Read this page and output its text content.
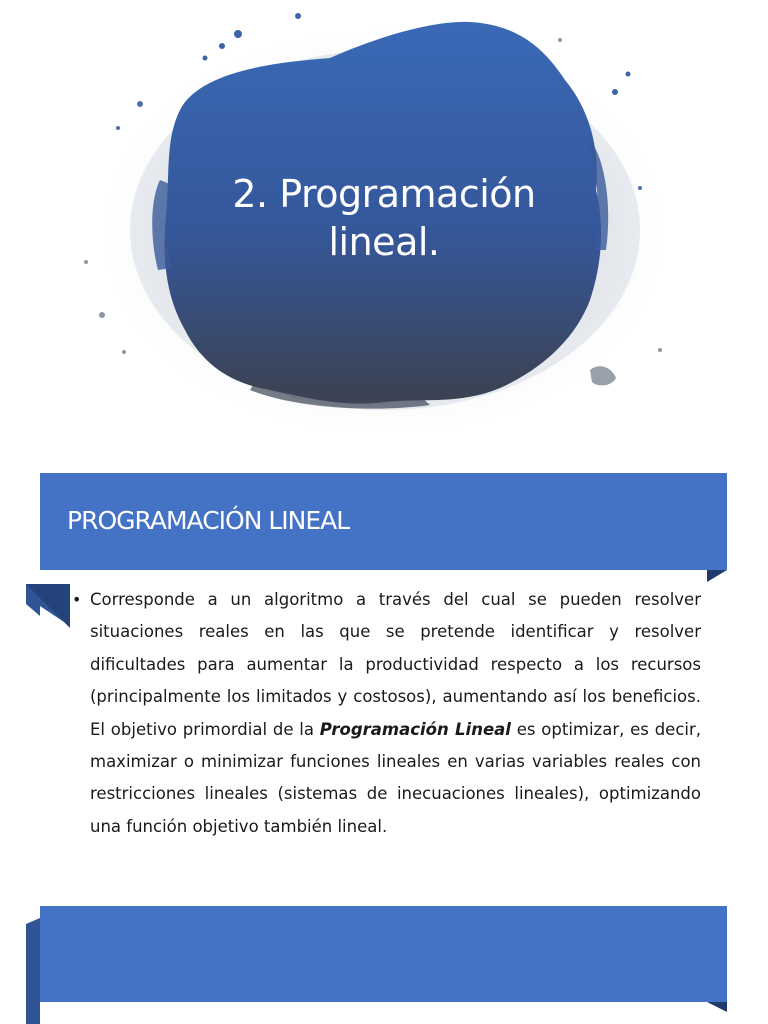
2. Programación
lineal.
PROGRAMACIÓN LINEAL
• Corresponde a un algoritmo a través del cual se pueden resolver situaciones reales en las que se pretende identificar y resolver dificultades para aumentar la productividad respecto a los recursos (principalmente los limitados y costosos), aumentando así los beneficios. El objetivo primordial de la Programación Lineal es optimizar, es decir, maximizar o minimizar funciones lineales en varias variables reales con restricciones lineales (sistemas de inecuaciones lineales), optimizando una función objetivo también lineal.
